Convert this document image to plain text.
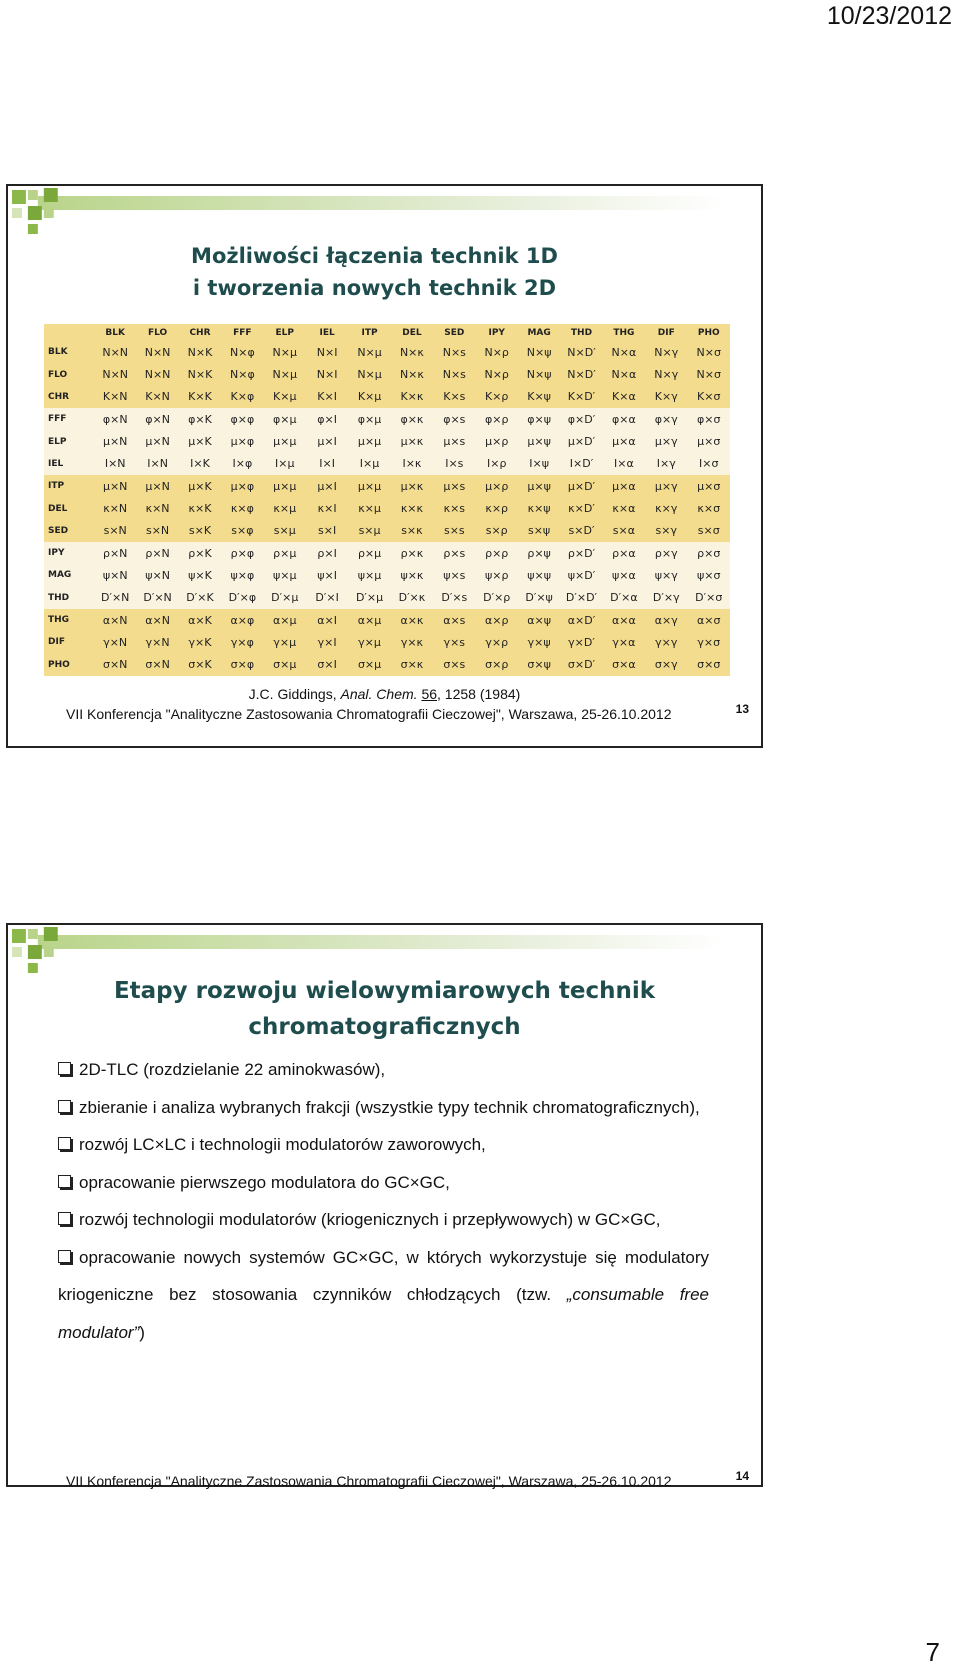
10/23/2012
Możliwości łączenia technik 1D
i tworzenia nowych technik 2D
	BLK	FLO	CHR	FFF	ELP	IEL	ITP	DEL	SED	IPY	MAG	THD	THG	DIF	PHO
BLK	N×N	N×N	N×K	N×φ	N×μ	N×I	N×μ	N×κ	N×s	N×ρ	N×ψ	N×D′	N×α	N×γ	N×σ
FLO	N×N	N×N	N×K	N×φ	N×μ	N×I	N×μ	N×κ	N×s	N×ρ	N×ψ	N×D′	N×α	N×γ	N×σ
CHR	K×N	K×N	K×K	K×φ	K×μ	K×I	K×μ	K×κ	K×s	K×ρ	K×ψ	K×D′	K×α	K×γ	K×σ
FFF	φ×N	φ×N	φ×K	φ×φ	φ×μ	φ×I	φ×μ	φ×κ	φ×s	φ×ρ	φ×ψ	φ×D′	φ×α	φ×γ	φ×σ
ELP	μ×N	μ×N	μ×K	μ×φ	μ×μ	μ×I	μ×μ	μ×κ	μ×s	μ×ρ	μ×ψ	μ×D′	μ×α	μ×γ	μ×σ
IEL	I×N	I×N	I×K	I×φ	I×μ	I×I	I×μ	I×κ	I×s	I×ρ	I×ψ	I×D′	I×α	I×γ	I×σ
ITP	μ×N	μ×N	μ×K	μ×φ	μ×μ	μ×I	μ×μ	μ×κ	μ×s	μ×ρ	μ×ψ	μ×D′	μ×α	μ×γ	μ×σ
DEL	κ×N	κ×N	κ×K	κ×φ	κ×μ	κ×I	κ×μ	κ×κ	κ×s	κ×ρ	κ×ψ	κ×D′	κ×α	κ×γ	κ×σ
SED	s×N	s×N	s×K	s×φ	s×μ	s×I	s×μ	s×κ	s×s	s×ρ	s×ψ	s×D′	s×α	s×γ	s×σ
IPY	ρ×N	ρ×N	ρ×K	ρ×φ	ρ×μ	ρ×I	ρ×μ	ρ×κ	ρ×s	ρ×ρ	ρ×ψ	ρ×D′	ρ×α	ρ×γ	ρ×σ
MAG	ψ×N	ψ×N	ψ×K	ψ×φ	ψ×μ	ψ×I	ψ×μ	ψ×κ	ψ×s	ψ×ρ	ψ×ψ	ψ×D′	ψ×α	ψ×γ	ψ×σ
THD	D′×N	D′×N	D′×K	D′×φ	D′×μ	D′×I	D′×μ	D′×κ	D′×s	D′×ρ	D′×ψ	D′×D′	D′×α	D′×γ	D′×σ
THG	α×N	α×N	α×K	α×φ	α×μ	α×I	α×μ	α×κ	α×s	α×ρ	α×ψ	α×D′	α×α	α×γ	α×σ
DIF	γ×N	γ×N	γ×K	γ×φ	γ×μ	γ×I	γ×μ	γ×κ	γ×s	γ×ρ	γ×ψ	γ×D′	γ×α	γ×γ	γ×σ
PHO	σ×N	σ×N	σ×K	σ×φ	σ×μ	σ×I	σ×μ	σ×κ	σ×s	σ×ρ	σ×ψ	σ×D′	σ×α	σ×γ	σ×σ
J.C. Giddings, Anal. Chem. 56, 1258 (1984)
VII Konferencja "Analityczne Zastosowania Chromatografii Cieczowej", Warszawa, 25-26.10.2012	13
Etapy rozwoju wielowymiarowych technik
chromatograficznych

2D-TLC (rozdzielanie 22 aminokwasów),

zbieranie i analiza wybranych frakcji (wszystkie typy technik chromatograficznych),

rozwój LC×LC i technologii modulatorów zaworowych,

opracowanie pierwszego modulatora do GC×GC,

rozwój technologii modulatorów (kriogenicznych i przepływowych) w GC×GC,

opracowanie nowych systemów GC×GC, w których wykorzystuje się modulatory kriogeniczne bez stosowania czynników chłodzących (tzw. „consumable free modulator”)

VII Konferencja "Analityczne Zastosowania Chromatografii Cieczowej", Warszawa, 25-26.10.2012	14
7
